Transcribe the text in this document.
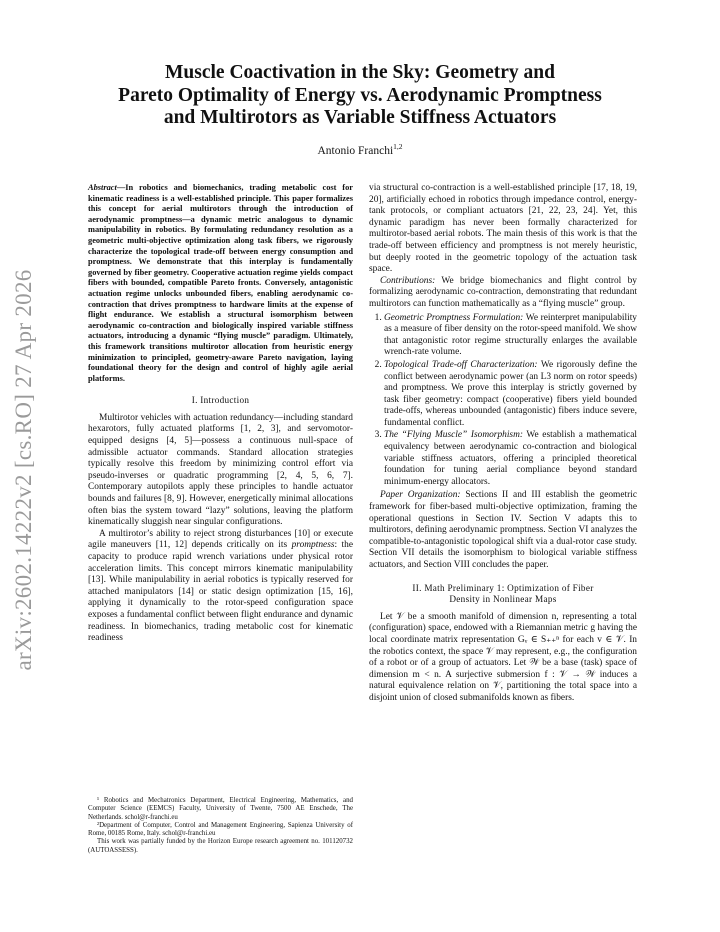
arXiv:2602.14222v2 [cs.RO] 27 Apr 2026
Muscle Coactivation in the Sky: Geometry and
Pareto Optimality of Energy vs. Aerodynamic Promptness
and Multirotors as Variable Stiffness Actuators
Antonio Franchi$^{1,2}$

Abstract—In robotics and biomechanics, trading metabolic cost for kinematic readiness is a well-established principle. This paper formalizes this concept for aerial multirotors through the introduction of aerodynamic promptness—a dynamic metric analogous to dynamic manipulability in robotics. By formulating redundancy resolution as a geometric multi-objective optimization along task fibers, we rigorously characterize the topological trade-off between energy consumption and promptness. We demonstrate that this interplay is fundamentally governed by fiber geometry. Cooperative actuation regime yields compact fibers with bounded, compatible Pareto fronts. Conversely, antagonistic actuation regime unlocks unbounded fibers, enabling aerodynamic co-contraction that drives promptness to hardware limits at the expense of flight endurance. We establish a structural isomorphism between aerodynamic co-contraction and biologically inspired variable stiffness actuators, introducing a dynamic “flying muscle” paradigm. Ultimately, this framework transitions multirotor allocation from heuristic energy minimization to principled, geometry-aware Pareto navigation, laying foundational theory for the design and control of highly agile aerial platforms.

I. Introduction

Multirotor vehicles with actuation redundancy—including standard hexarotors, fully actuated platforms [1, 2, 3], and servomotor-equipped designs [4, 5]—possess a continuous null-space of admissible actuator commands. Standard allocation strategies typically resolve this freedom by minimizing control effort via pseudo-inverses or quadratic programming [2, 4, 5, 6, 7]. Contemporary autopilots apply these principles to handle actuator bounds and failures [8, 9]. However, energetically minimal allocations often bias the system toward “lazy” solutions, leaving the platform kinematically sluggish near singular configurations.

A multirotor’s ability to reject strong disturbances [10] or execute agile maneuvers [11, 12] depends critically on its promptness: the capacity to produce rapid wrench variations under physical rotor acceleration limits. This concept mirrors kinematic manipulability [13]. While manipulability in aerial robotics is typically reserved for attached manipulators [14] or static design optimization [15, 16], applying it dynamically to the rotor-speed configuration space exposes a fundamental conflict between flight endurance and dynamic readiness. In biomechanics, trading metabolic cost for kinematic readiness

¹ Robotics and Mechatronics Department, Electrical Engineering, Mathematics, and Computer Science (EEMCS) Faculty, University of Twente, 7500 AE Enschede, The Netherlands. schol@r-franchi.eu

²Department of Computer, Control and Management Engineering, Sapienza University of Rome, 00185 Rome, Italy. schol@r-franchi.eu

This work was partially funded by the Horizon Europe research agreement no. 101120732 (AUTOASSESS).

via structural co-contraction is a well-established principle [17, 18, 19, 20], artificially echoed in robotics through impedance control, energy-tank protocols, or compliant actuators [21, 22, 23, 24]. Yet, this dynamic paradigm has never been formally characterized for multirotor-based aerial robots. The main thesis of this work is that the trade-off between efficiency and promptness is not merely heuristic, but deeply rooted in the geometric topology of the actuation task space.

Contributions: We bridge biomechanics and flight control by formalizing aerodynamic co-contraction, demonstrating that redundant multirotors can function mathematically as a “flying muscle” group.

1. Geometric Promptness Formulation: We reinterpret manipulability as a measure of fiber density on the rotor-speed manifold. We show that antagonistic rotor regime structurally enlarges the available wrench-rate volume.
2. Topological Trade-off Characterization: We rigorously define the conflict between aerodynamic power (an L3 norm on rotor speeds) and promptness. We prove this interplay is strictly governed by task fiber geometry: compact (cooperative) fibers yield bounded trade-offs, whereas unbounded (antagonistic) fibers induce severe, fundamental conflict.
3. The “Flying Muscle” Isomorphism: We establish a mathematical equivalency between aerodynamic co-contraction and biological variable stiffness actuators, offering a principled theoretical foundation for tuning aerial compliance beyond standard minimum-energy allocators.

Paper Organization: Sections II and III establish the geometric framework for fiber-based multi-objective optimization, framing the operational questions in Section IV. Section V adapts this to multirotors, defining aerodynamic promptness. Section VI analyzes the compatible-to-antagonistic topological shift via a dual-rotor case study. Section VII details the isomorphism to biological variable stiffness actuators, and Section VIII concludes the paper.

II. Math Preliminary 1: Optimization of Fiber
Density in Nonlinear Maps

Let 𝒱 be a smooth manifold of dimension n, representing a total (configuration) space, endowed with a Riemannian metric g having the local coordinate matrix representation Gᵥ ∈ S₊₊ⁿ for each v ∈ 𝒱. In the robotics context, the space 𝒱 may represent, e.g., the configuration of a robot or of a group of actuators. Let 𝒲 be a base (task) space of dimension m < n. A surjective submersion f : 𝒱 → 𝒲 induces a natural equivalence relation on 𝒱, partitioning the total space into a disjoint union of closed submanifolds known as fibers.
